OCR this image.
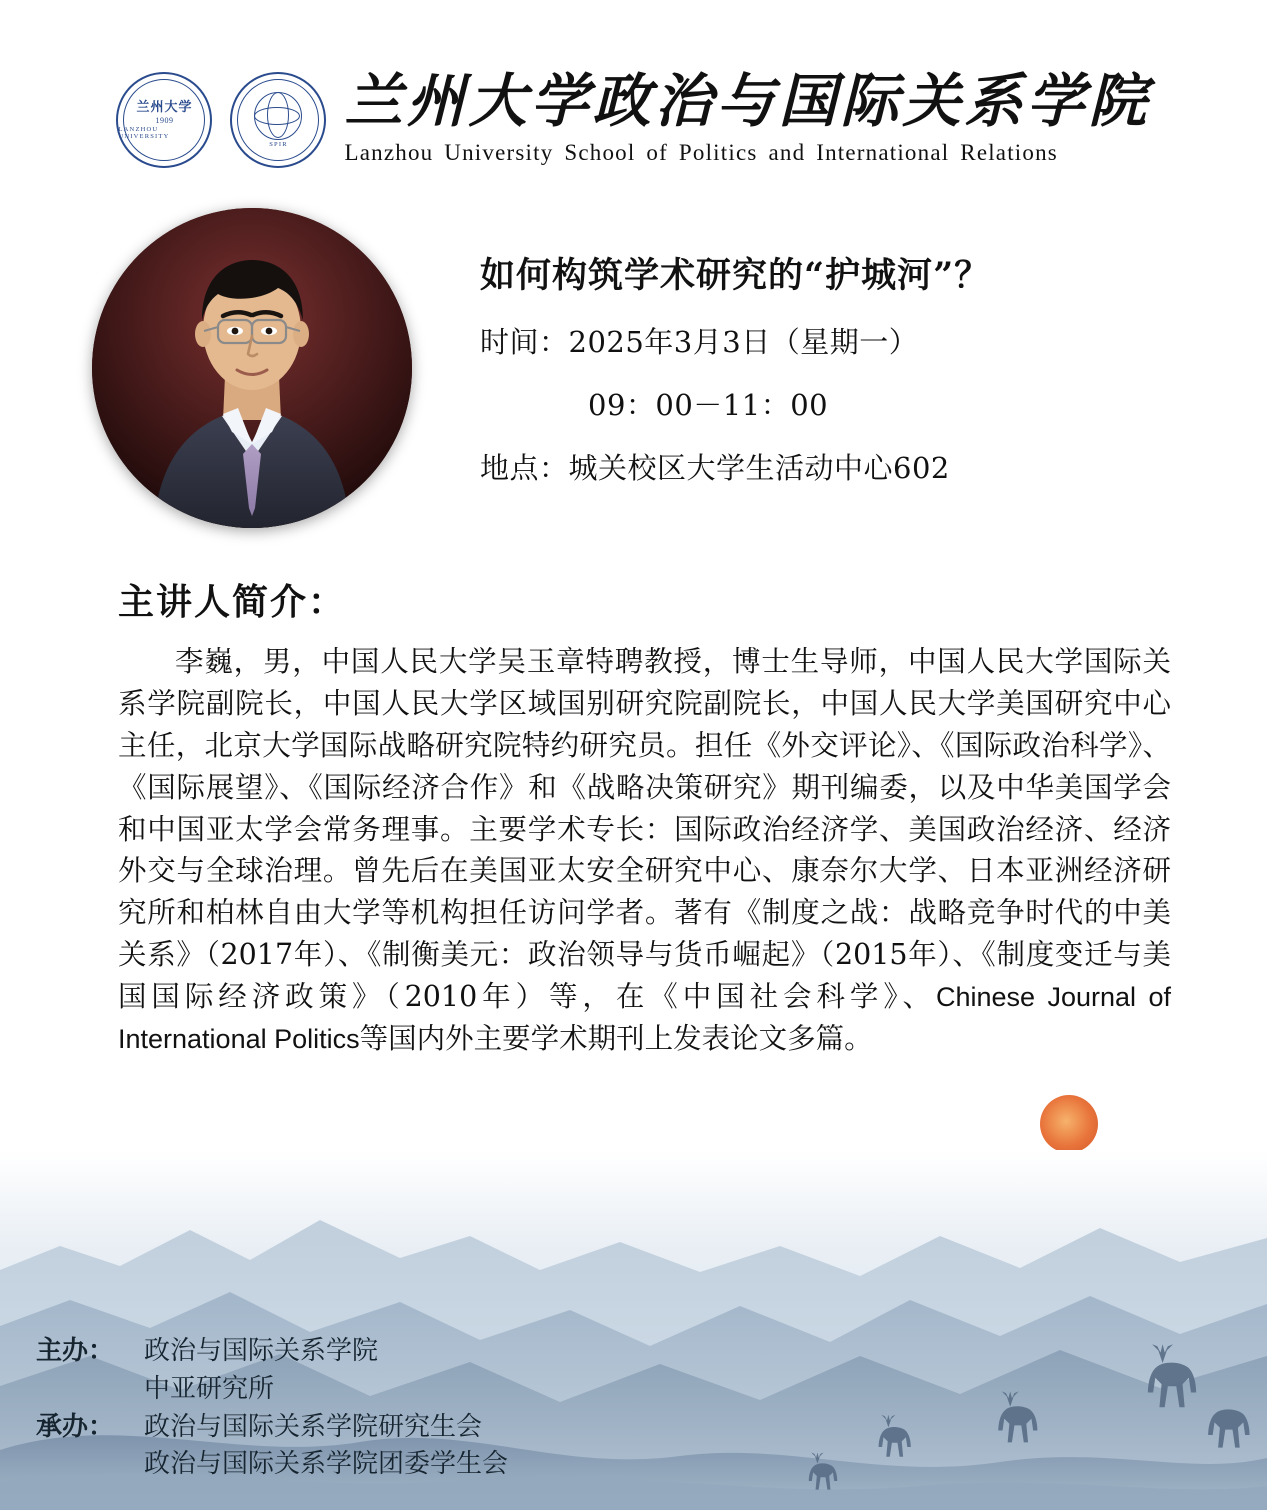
兰州大学
1909
LANZHOU UNIVERSITY
SPIR
兰州大学政治与国际关系学院
Lanzhou University School of Politics and International Relations
如何构筑学术研究的“护城河”？
时间：2025年3月3日（星期一）
09：00－11：00
地点：城关校区大学生活动中心602
主讲人简介：
李巍，男，中国人民大学吴玉章特聘教授，博士生导师，中国人民大学国际关系学院副院长，中国人民大学区域国别研究院副院长，中国人民大学美国研究中心主任，北京大学国际战略研究院特约研究员。担任《外交评论》、《国际政治科学》、《国际展望》、《国际经济合作》和《战略决策研究》期刊编委，以及中华美国学会和中国亚太学会常务理事。主要学术专长：国际政治经济学、美国政治经济、经济外交与全球治理。曾先后在美国亚太安全研究中心、康奈尔大学、日本亚洲经济研究所和柏林自由大学等机构担任访问学者。著有《制度之战：战略竞争时代的中美关系》（2017年）、《制衡美元：政治领导与货币崛起》（2015年）、《制度变迁与美国国际经济政策》（2010年）等，在《中国社会科学》、Chinese Journal of International Politics等国内外主要学术期刊上发表论文多篇。
主办：	政治与国际关系学院
中亚研究所
承办：	政治与国际关系学院研究生会
政治与国际关系学院团委学生会
